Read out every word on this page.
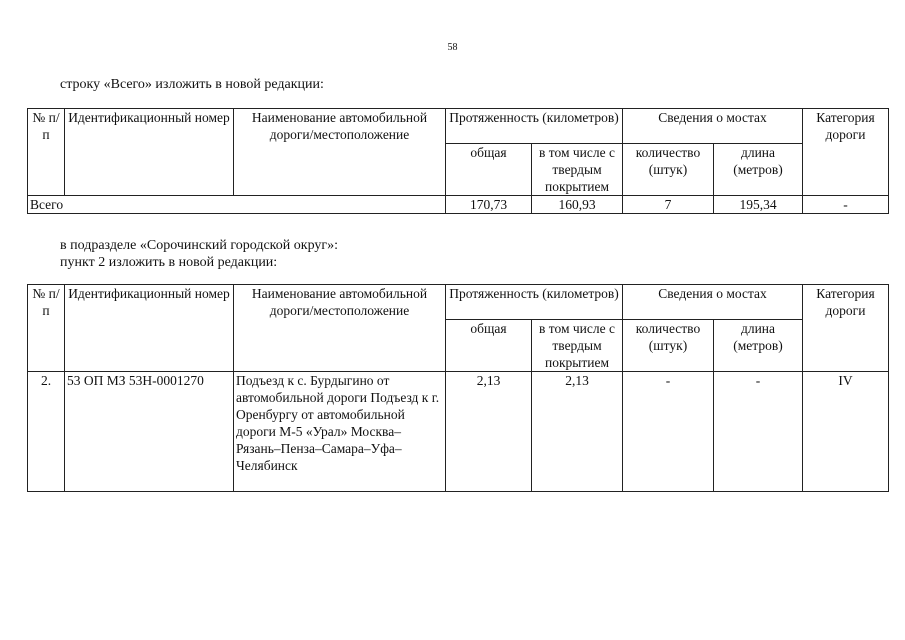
58
строку «Всего» изложить в новой редакции:
№ п/п	Идентификационный номер	Наименование автомобильной дороги/местоположение	Протяженность (километров)		Сведения о мостах		Категория дороги
			общая	в том числе с твердым покрытием	количество (штук)	длина (метров)	
Всего			170,73	160,93	7	195,34	-
в подразделе «Сорочинский городской округ»:
пункт 2 изложить в новой редакции:
№ п/п	Идентификационный номер	Наименование автомобильной дороги/местоположение	Протяженность (километров)		Сведения о мостах		Категория дороги
			общая	в том числе с твердым покрытием	количество (штук)	длина (метров)	
2.	53 ОП МЗ 53Н-0001270	Подъезд к с. Бурдыгино от автомобильной дороги Подъезд к г. Оренбургу от автомобильной дороги М-5 «Урал» Москва–Рязань–Пенза–Самара–Уфа–Челябинск	2,13	2,13	-	-	IV
